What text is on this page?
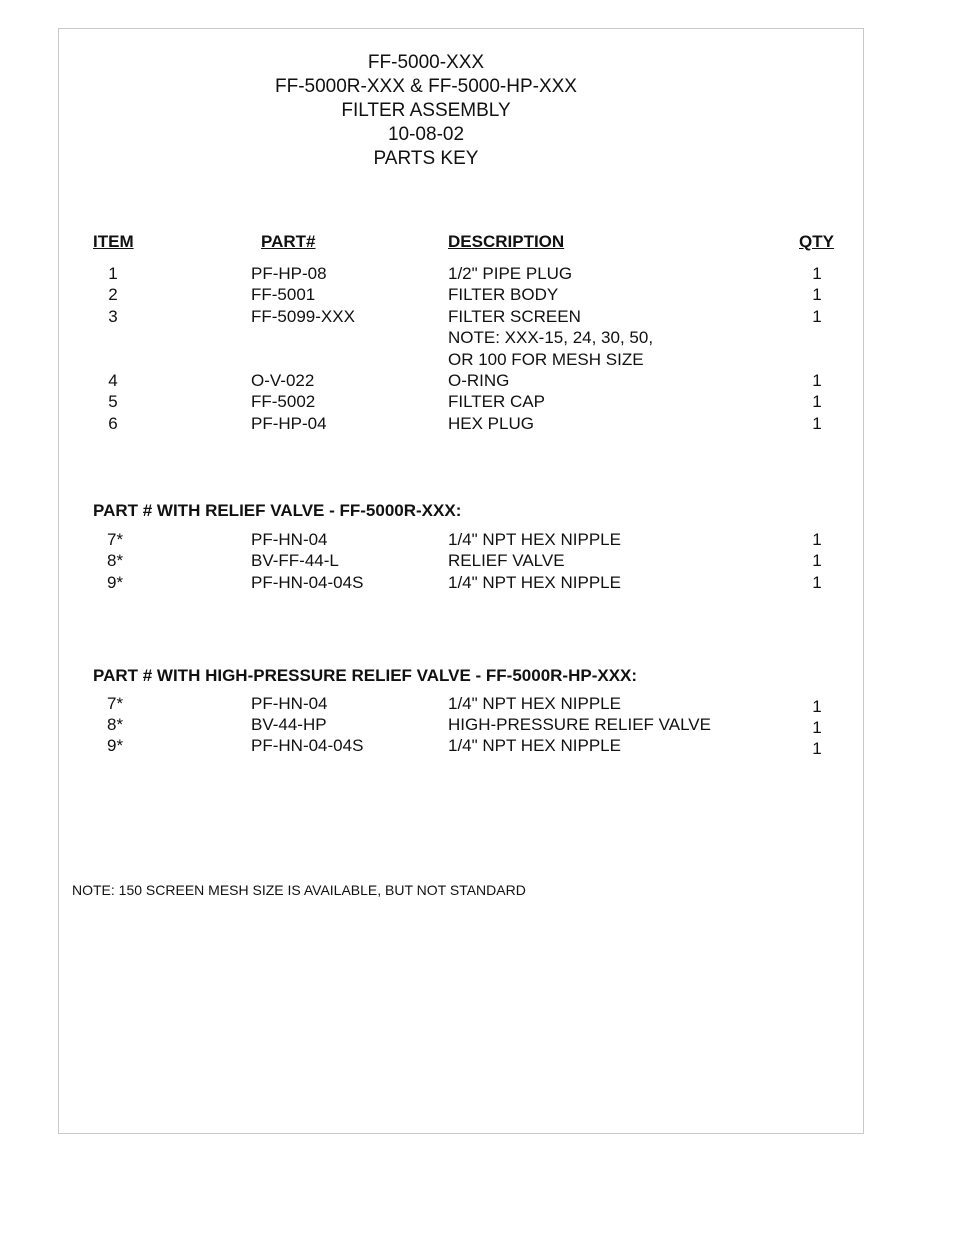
FF-5000-XXX
FF-5000R-XXX & FF-5000-HP-XXX
FILTER ASSEMBLY
10-08-02
PARTS KEY
ITEM	PART#	DESCRIPTION	QTY
1	PF-HP-08	1/2" PIPE PLUG	1
2	FF-5001	FILTER BODY	1
3	FF-5099-XXX	FILTER SCREEN	1
NOTE: XXX-15, 24, 30, 50,
OR 100 FOR MESH SIZE
4	O-V-022	O-RING	1
5	FF-5002	FILTER CAP	1
6	PF-HP-04	HEX PLUG	1
PART # WITH RELIEF VALVE - FF-5000R-XXX:
7*	PF-HN-04	1/4" NPT HEX NIPPLE	1
8*	BV-FF-44-L	RELIEF VALVE	1
9*	PF-HN-04-04S	1/4" NPT HEX NIPPLE	1
PART # WITH HIGH-PRESSURE RELIEF VALVE - FF-5000R-HP-XXX:
7*	PF-HN-04	1/4" NPT HEX NIPPLE	1
8*	BV-44-HP	HIGH-PRESSURE RELIEF VALVE	1
9*	PF-HN-04-04S	1/4" NPT HEX NIPPLE	1
NOTE: 150 SCREEN MESH SIZE IS AVAILABLE, BUT NOT STANDARD
